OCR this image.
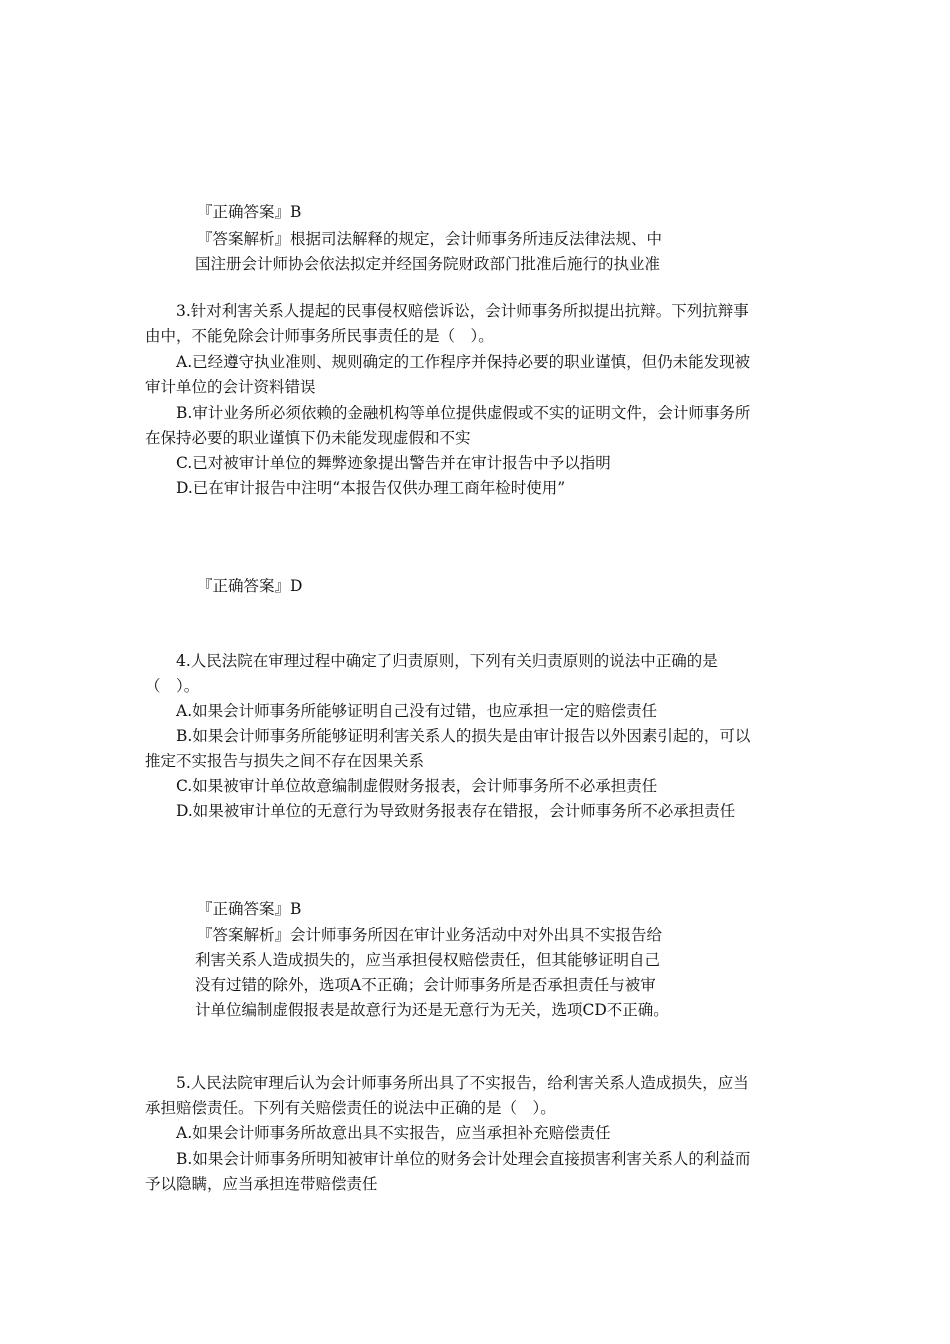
『正确答案』B
『答案解析』根据司法解释的规定，会计师事务所违反法律法规、中
国注册会计师协会依法拟定并经国务院财政部门批准后施行的执业准
3.针对利害关系人提起的民事侵权赔偿诉讼，会计师事务所拟提出抗辩。下列抗辩事
由中，不能免除会计师事务所民事责任的是（　）。
A.已经遵守执业准则、规则确定的工作程序并保持必要的职业谨慎，但仍未能发现被
审计单位的会计资料错误
B.审计业务所必须依赖的金融机构等单位提供虚假或不实的证明文件，会计师事务所
在保持必要的职业谨慎下仍未能发现虚假和不实
C.已对被审计单位的舞弊迹象提出警告并在审计报告中予以指明
D.已在审计报告中注明“本报告仅供办理工商年检时使用”
『正确答案』D
4.人民法院在审理过程中确定了归责原则，下列有关归责原则的说法中正确的是
（　）。
A.如果会计师事务所能够证明自己没有过错，也应承担一定的赔偿责任
B.如果会计师事务所能够证明利害关系人的损失是由审计报告以外因素引起的，可以
推定不实报告与损失之间不存在因果关系
C.如果被审计单位故意编制虚假财务报表，会计师事务所不必承担责任
D.如果被审计单位的无意行为导致财务报表存在错报，会计师事务所不必承担责任
『正确答案』B
『答案解析』会计师事务所因在审计业务活动中对外出具不实报告给
利害关系人造成损失的，应当承担侵权赔偿责任，但其能够证明自己
没有过错的除外，选项A不正确；会计师事务所是否承担责任与被审
计单位编制虚假报表是故意行为还是无意行为无关，选项CD不正确。
5.人民法院审理后认为会计师事务所出具了不实报告，给利害关系人造成损失，应当
承担赔偿责任。下列有关赔偿责任的说法中正确的是（　）。
A.如果会计师事务所故意出具不实报告，应当承担补充赔偿责任
B.如果会计师事务所明知被审计单位的财务会计处理会直接损害利害关系人的利益而
予以隐瞒，应当承担连带赔偿责任
